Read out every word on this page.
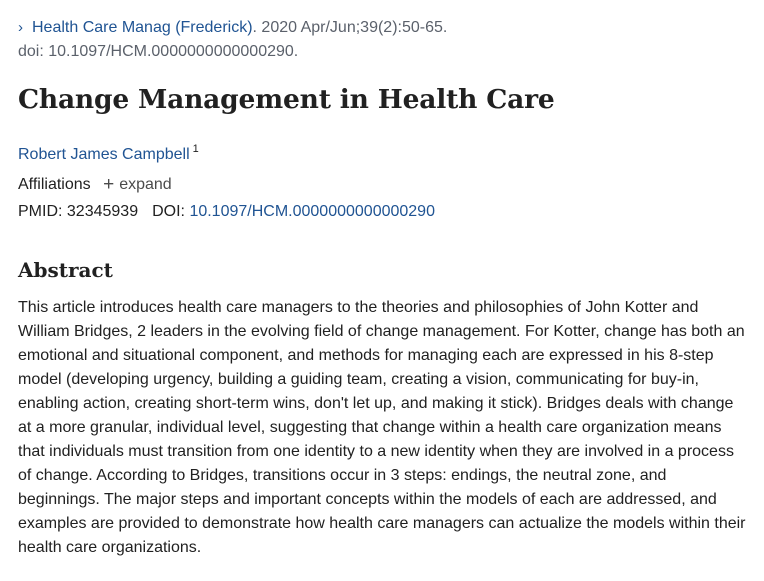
› Health Care Manag (Frederick). 2020 Apr/Jun;39(2):50-65.
doi: 10.1097/HCM.0000000000000290.
Change Management in Health Care
Robert James Campbell $^1$
Affiliations + expand
PMID: 32345939 DOI: 10.1097/HCM.0000000000000290
Abstract

This article introduces health care managers to the theories and philosophies of John Kotter and William Bridges, 2 leaders in the evolving field of change management. For Kotter, change has both an emotional and situational component, and methods for managing each are expressed in his 8-step model (developing urgency, building a guiding team, creating a vision, communicating for buy-in, enabling action, creating short-term wins, don't let up, and making it stick). Bridges deals with change at a more granular, individual level, suggesting that change within a health care organization means that individuals must transition from one identity to a new identity when they are involved in a process of change. According to Bridges, transitions occur in 3 steps: endings, the neutral zone, and beginnings. The major steps and important concepts within the models of each are addressed, and examples are provided to demonstrate how health care managers can actualize the models within their health care organizations.
